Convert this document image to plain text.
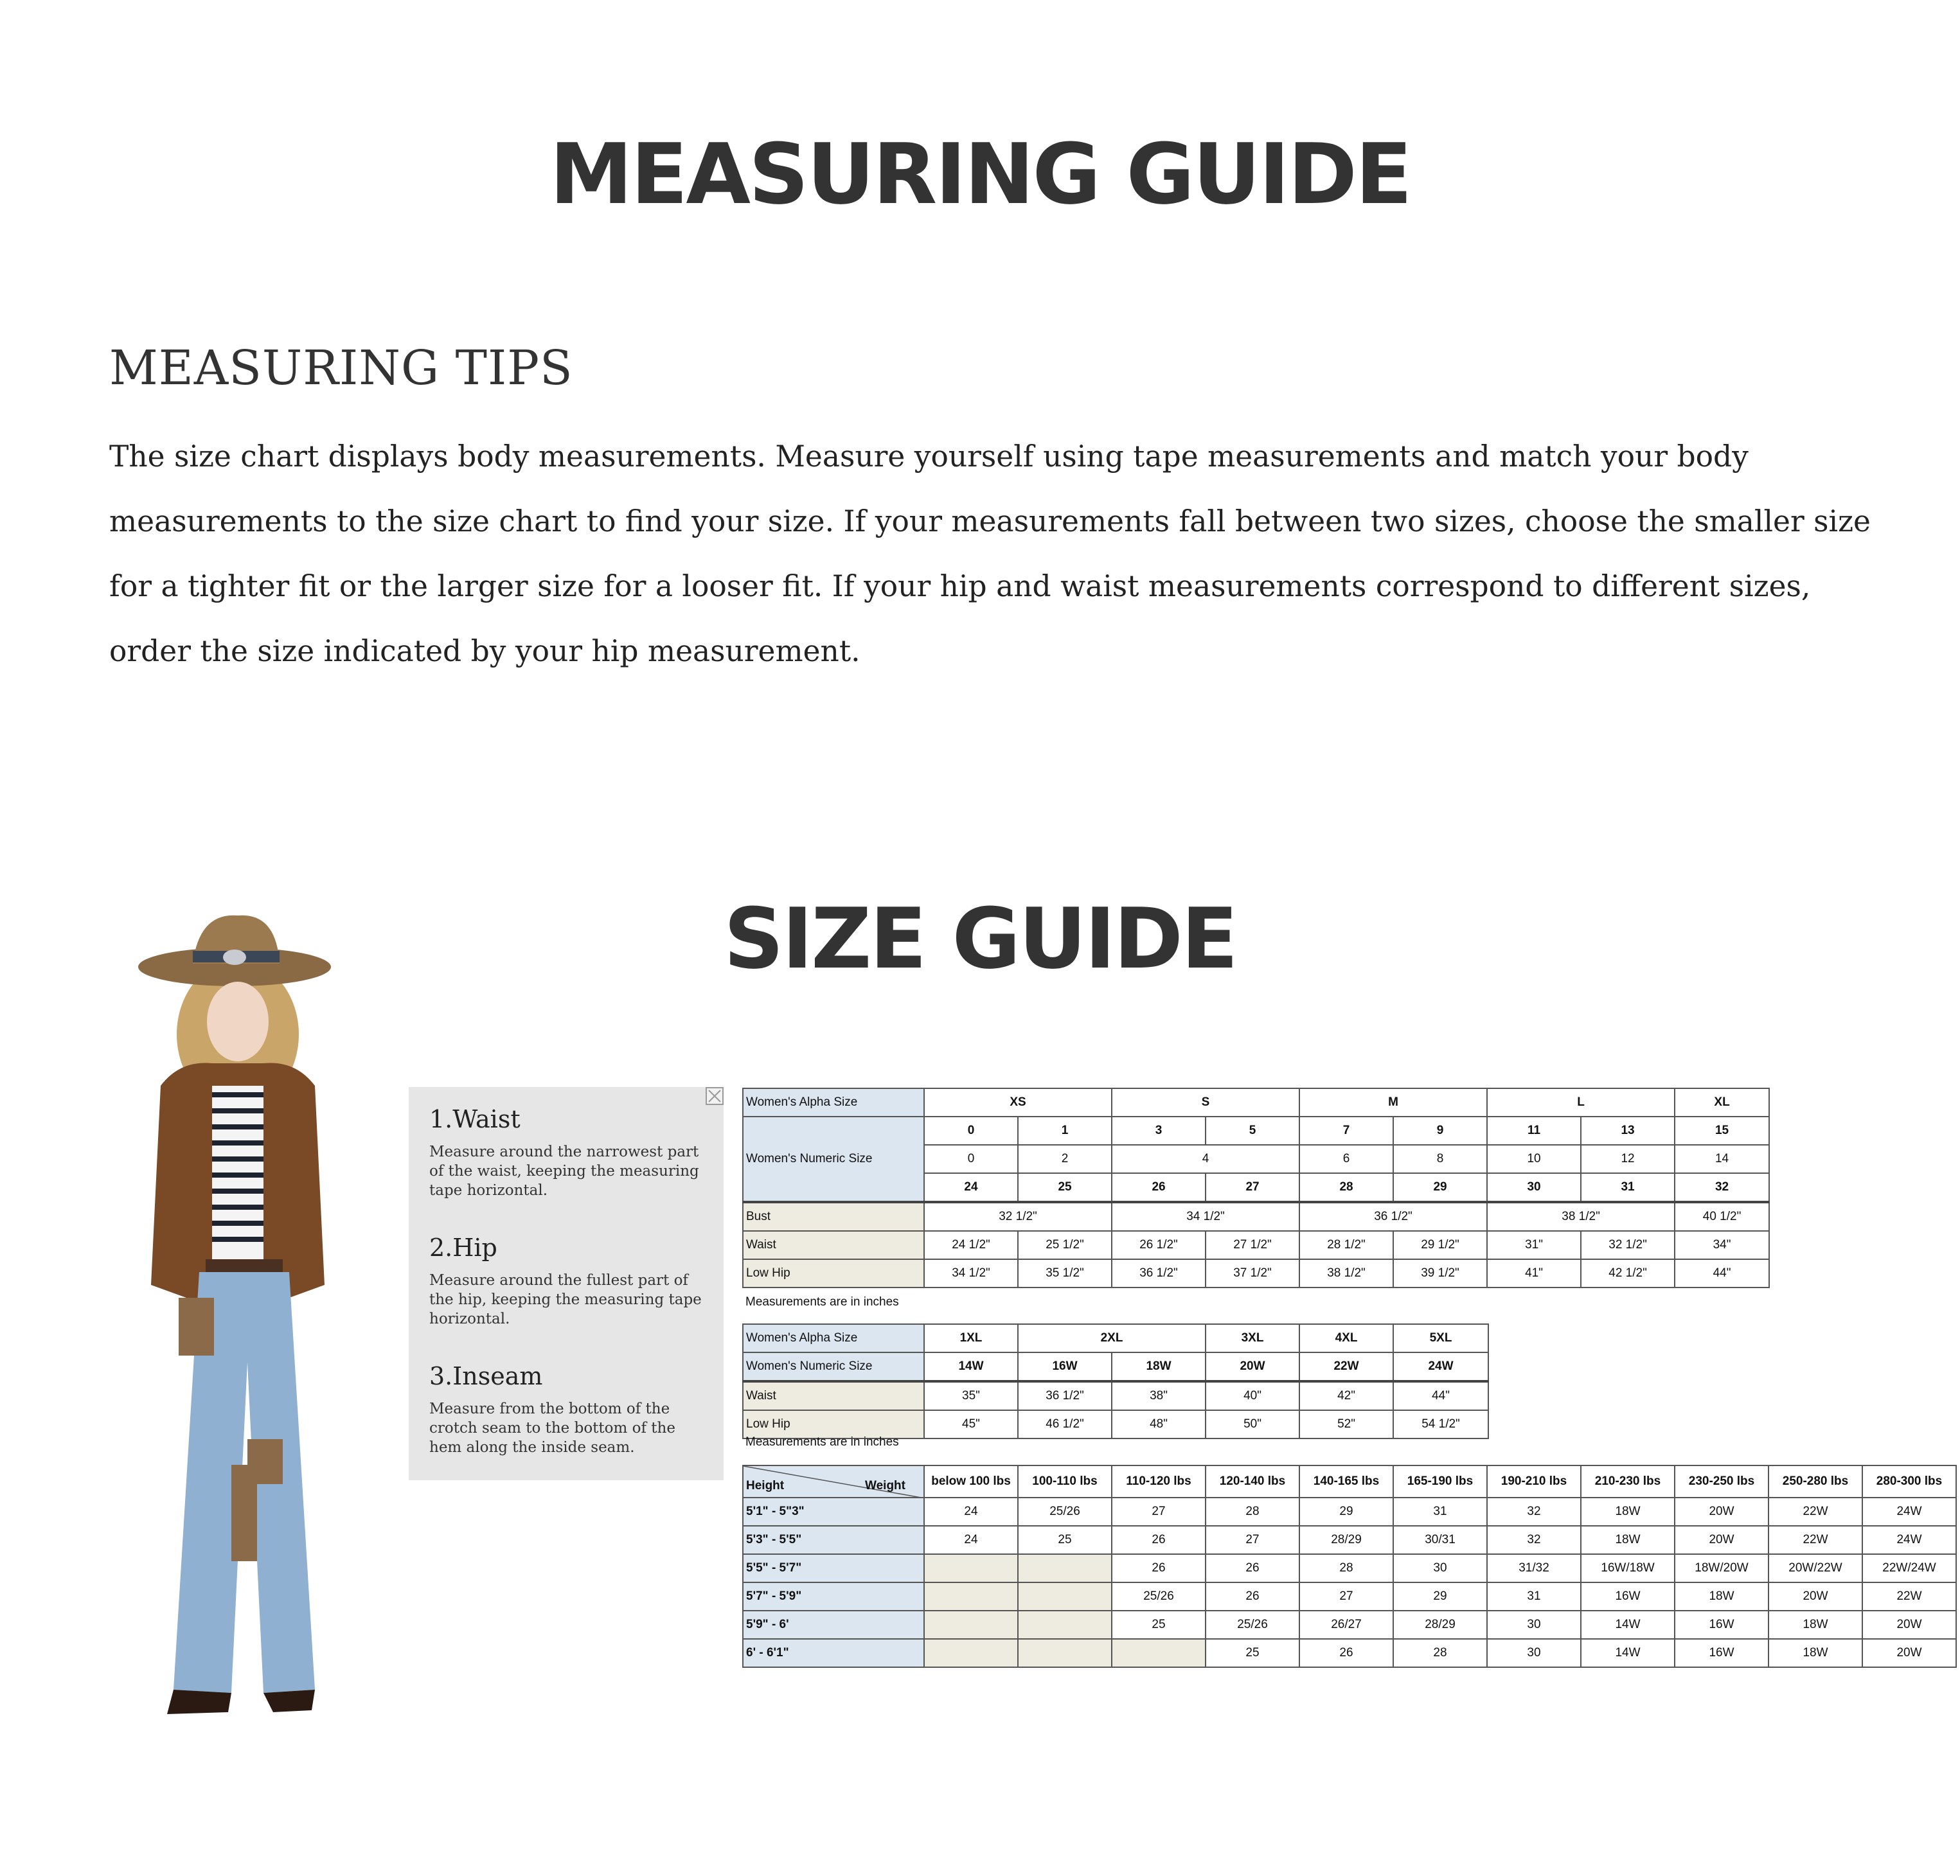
MEASURING GUIDE
MEASURING TIPS

The size chart displays body measurements. Measure yourself using tape measurements and match your body measurements to the size chart to find your size. If your measurements fall between two sizes, choose the smaller size for a tighter fit or the larger size for a looser fit. If your hip and waist measurements correspond to different sizes, order the size indicated by your hip measurement.

SIZE GUIDE

1.Waist

Measure around the narrowest part of the waist, keeping the measuring tape horizontal.

2.Hip

Measure around the fullest part of the hip, keeping the measuring tape horizontal.

3.Inseam

Measure from the bottom of the crotch seam to the bottom of the hem along the inside seam.

Women's Alpha Size	XS		S		M		L		XL
Women's Numeric Size	0	1	3	5	7	9	11	13	15
	0	2	4		6	8	10	12	14
	24	25	26	27	28	29	30	31	32
Bust	32 1/2"		34 1/2"		36 1/2"		38 1/2"		40 1/2"
Waist	24 1/2"	25 1/2"	26 1/2"	27 1/2"	28 1/2"	29 1/2"	31"	32 1/2"	34"
Low Hip	34 1/2"	35 1/2"	36 1/2"	37 1/2"	38 1/2"	39 1/2"	41"	42 1/2"	44"
Measurements are in inches
Women's Alpha Size	1XL	2XL		3XL	4XL	5XL
Women's Numeric Size	14W	16W	18W	20W	22W	24W
Waist	35"	36 1/2"	38"	40"	42"	44"
Low Hip	45"	46 1/2"	48"	50"	52"	54 1/2"
Measurements are in inches
Height Weight	below 100 lbs	100-110 lbs	110-120 lbs	120-140 lbs	140-165 lbs	165-190 lbs	190-210 lbs	210-230 lbs	230-250 lbs	250-280 lbs	280-300 lbs
5'1" - 5"3"	24	25/26	27	28	29	31	32	18W	20W	22W	24W
5'3" - 5'5"	24	25	26	27	28/29	30/31	32	18W	20W	22W	24W
5'5" - 5'7"			26	26	28	30	31/32	16W/18W	18W/20W	20W/22W	22W/24W
5'7" - 5'9"			25/26	26	27	29	31	16W	18W	20W	22W
5'9" - 6'			25	25/26	26/27	28/29	30	14W	16W	18W	20W
6' - 6'1"				25	26	28	30	14W	16W	18W	20W
